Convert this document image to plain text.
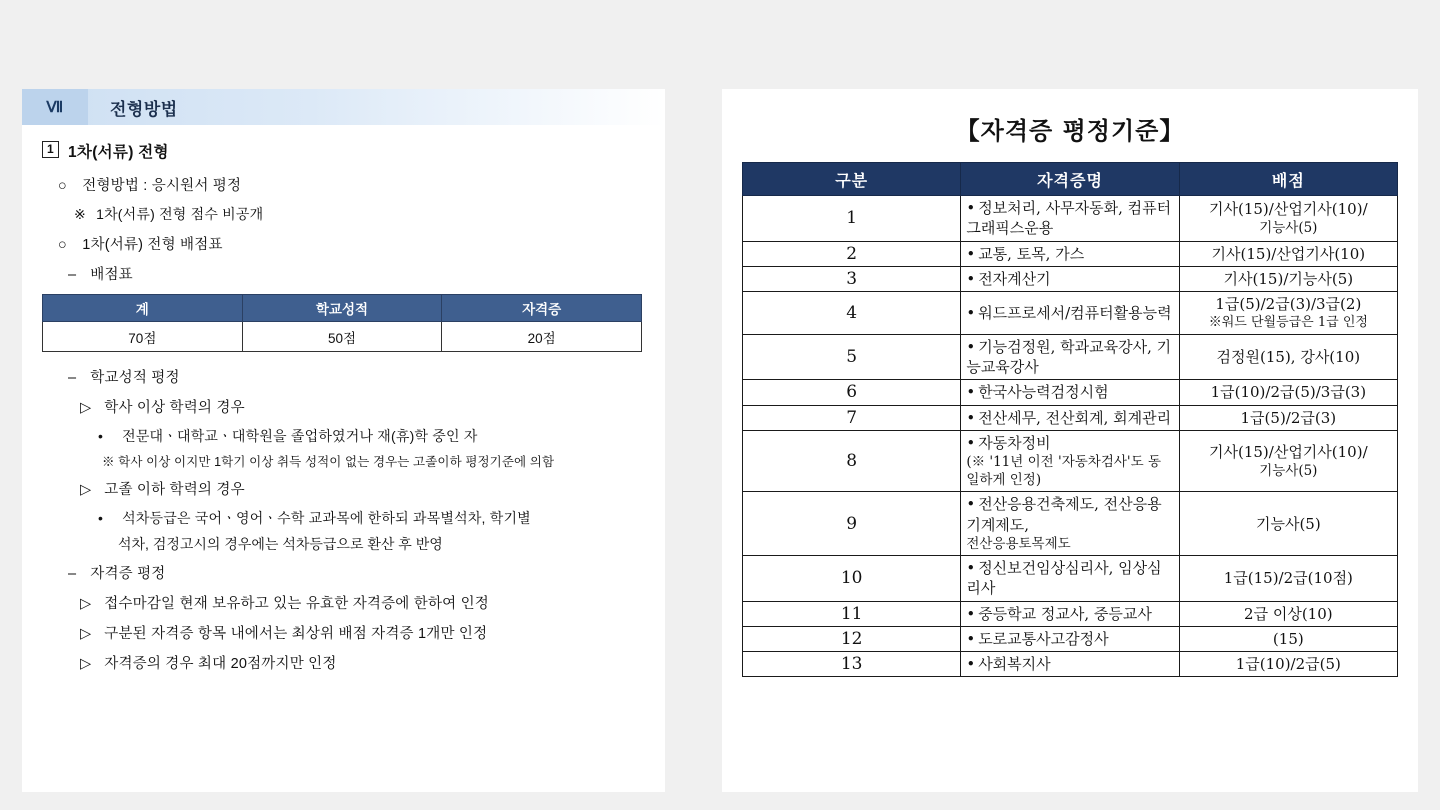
Ⅶ	전형방법
1 1차(서류) 전형
○ 전형방법 : 응시원서 평정
※ 1차(서류) 전형 점수 비공개
○ 1차(서류) 전형 배점표
– 배점표
계	학교성적	자격증
70점	50점	20점
– 학교성적 평정
▷ 학사 이상 학력의 경우
• 전문대ㆍ대학교ㆍ대학원을 졸업하였거나 재(휴)학 중인 자
※ 학사 이상 이지만 1학기 이상 취득 성적이 없는 경우는 고졸이하 평정기준에 의함
▷ 고졸 이하 학력의 경우
• 석차등급은 국어ㆍ영어ㆍ수학 교과목에 한하되 과목별석차, 학기별
석차, 검정고시의 경우에는 석차등급으로 환산 후 반영
– 자격증 평정
▷ 접수마감일 현재 보유하고 있는 유효한 자격증에 한하여 인정
▷ 구분된 자격증 항목 내에서는 최상위 배점 자격증 1개만 인정
▷ 자격증의 경우 최대 20점까지만 인정
【자격증 평정기준】
구분	자격증명	배점
1	• 정보처리, 사무자동화, 컴퓨터 그래픽스운용	기사(15)/산업기사(10)/
기능사(5)

2	• 교통, 토목, 가스	기사(15)/산업기사(10)
3	• 전자계산기	기사(15)/기능사(5)
4	• 워드프로세서/컴퓨터활용능력	1급(5)/2급(3)/3급(2)
※워드 단월등급은 1급 인정

5	• 기능검정원, 학과교육강사, 기능교육강사	검정원(15), 강사(10)
6	• 한국사능력검정시험	1급(10)/2급(5)/3급(3)
7	• 전산세무, 전산회계, 회계관리	1급(5)/2급(3)
8	• 자동차정비
(※ '11년 이전 '자동차검사'도 동일하게 인정)	기사(15)/산업기사(10)/
기능사(5)

9	• 전산응용건축제도, 전산응용기계제도,
전산응용토목제도	기능사(5)
10	• 정신보건임상심리사, 임상심리사	1급(15)/2급(10점)
11	• 중등학교 정교사, 중등교사	2급 이상(10)
12	• 도로교통사고감정사	(15)
13	• 사회복지사	1급(10)/2급(5)
